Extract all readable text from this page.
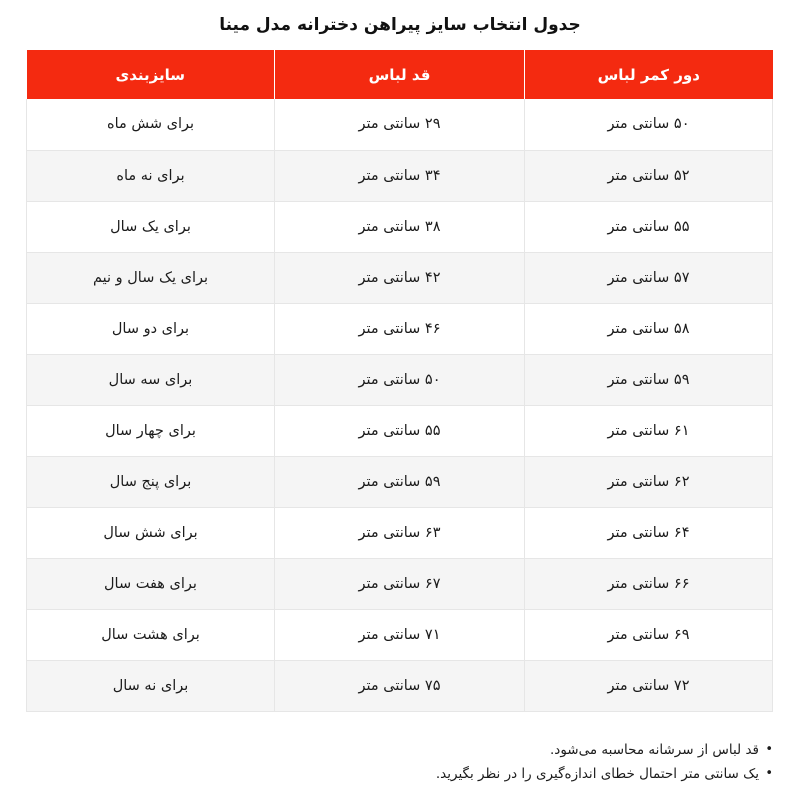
جدول انتخاب سایز پیراهن دخترانه مدل مینا
دور کمر لباس	قد لباس	سایزبندی
۵۰ سانتی متر	۲۹ سانتی متر	برای شش ماه
۵۲ سانتی متر	۳۴ سانتی متر	برای نه ماه
۵۵ سانتی متر	۳۸ سانتی متر	برای یک سال
۵۷ سانتی متر	۴۲ سانتی متر	برای یک سال و نیم
۵۸ سانتی متر	۴۶ سانتی متر	برای دو سال
۵۹ سانتی متر	۵۰ سانتی متر	برای سه سال
۶۱ سانتی متر	۵۵ سانتی متر	برای چهار سال
۶۲ سانتی متر	۵۹ سانتی متر	برای پنج سال
۶۴ سانتی متر	۶۳ سانتی متر	برای شش سال
۶۶ سانتی متر	۶۷ سانتی متر	برای هفت سال
۶۹ سانتی متر	۷۱ سانتی متر	برای هشت سال
۷۲ سانتی متر	۷۵ سانتی متر	برای نه سال
•
قد لباس از سرشانه محاسبه می‌شود.
•
یک سانتی متر احتمال خطای اندازه‌گیری را در نظر بگیرید.
